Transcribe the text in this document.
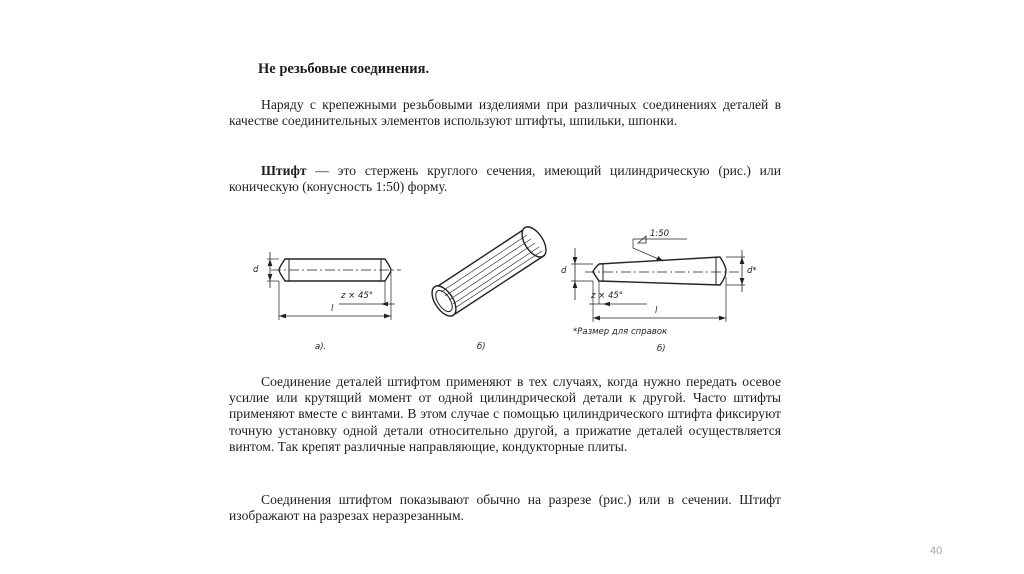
Не резьбовые соединения.

Наряду с крепежными резьбовыми изделиями при различных соединениях деталей в качестве соединительных элементов используют штифты, шпильки, шпонки.

Штифт — это стержень круглого сечения, имеющий цилиндрическую (рис.) или коническую (конусность 1:50) форму.

d
l
z × 45°
d	d*
l
z × 45°
1:50
*Размер для справок
а).	б)	б)

Соединение деталей штифтом применяют в тех случаях, когда нужно передать осевое усилие или крутящий момент от одной цилиндрической детали к другой. Часто штифты применяют вместе с винтами. В этом случае с помощью цилиндрического штифта фиксируют точную установку одной детали относительно другой, а прижатие деталей осуществляется винтом. Так крепят различные направляющие, кондукторные плиты.

Соединения штифтом показывают обычно на разрезе (рис.) или в сечении. Штифт изображают на разрезах неразрезанным.

40
